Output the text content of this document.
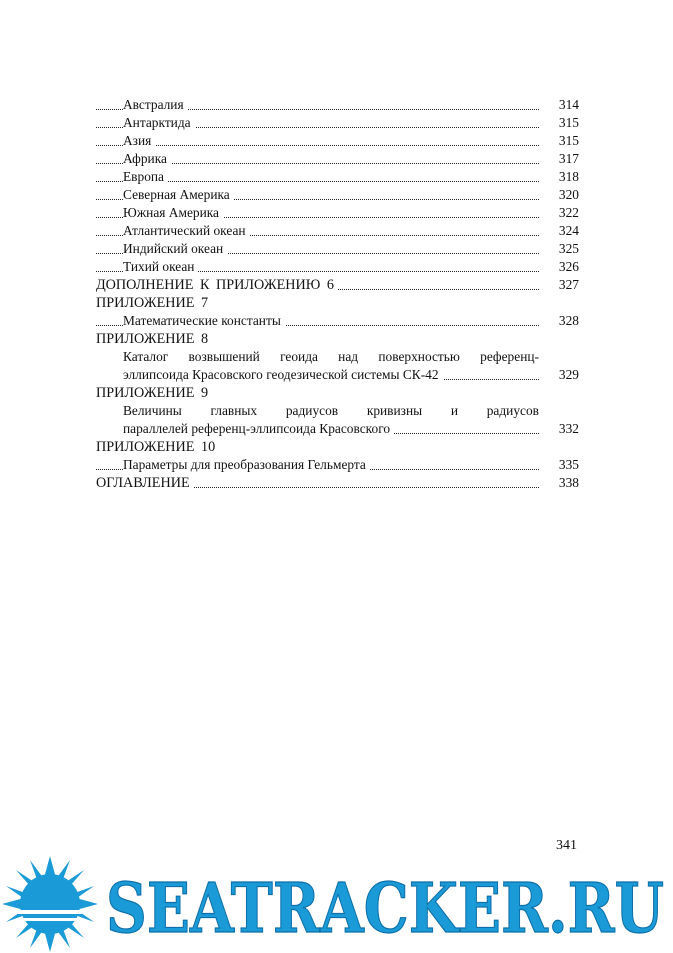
Австралия	314
Антарктида	315
Азия	315
Африка	317
Европа	318
Северная Америка	320
Южная Америка	322
Атлантический океан	324
Индийский океан	325
Тихий океан	326
ДОПОЛНЕНИЕ К ПРИЛОЖЕНИЮ 6	327
ПРИЛОЖЕНИЕ 7
Математические константы	328
ПРИЛОЖЕНИЕ 8
Каталог возвышений геоида над поверхностью референц-
эллипсоида Красовского геодезической системы СК-42	329
ПРИЛОЖЕНИЕ 9
Величины главных радиусов кривизны и радиусов
параллелей референц-эллипсоида Красовского	332
ПРИЛОЖЕНИЕ 10
Параметры для преобразования Гельмерта	335
ОГЛАВЛЕНИЕ	338
341
SEATRACKER.RU
